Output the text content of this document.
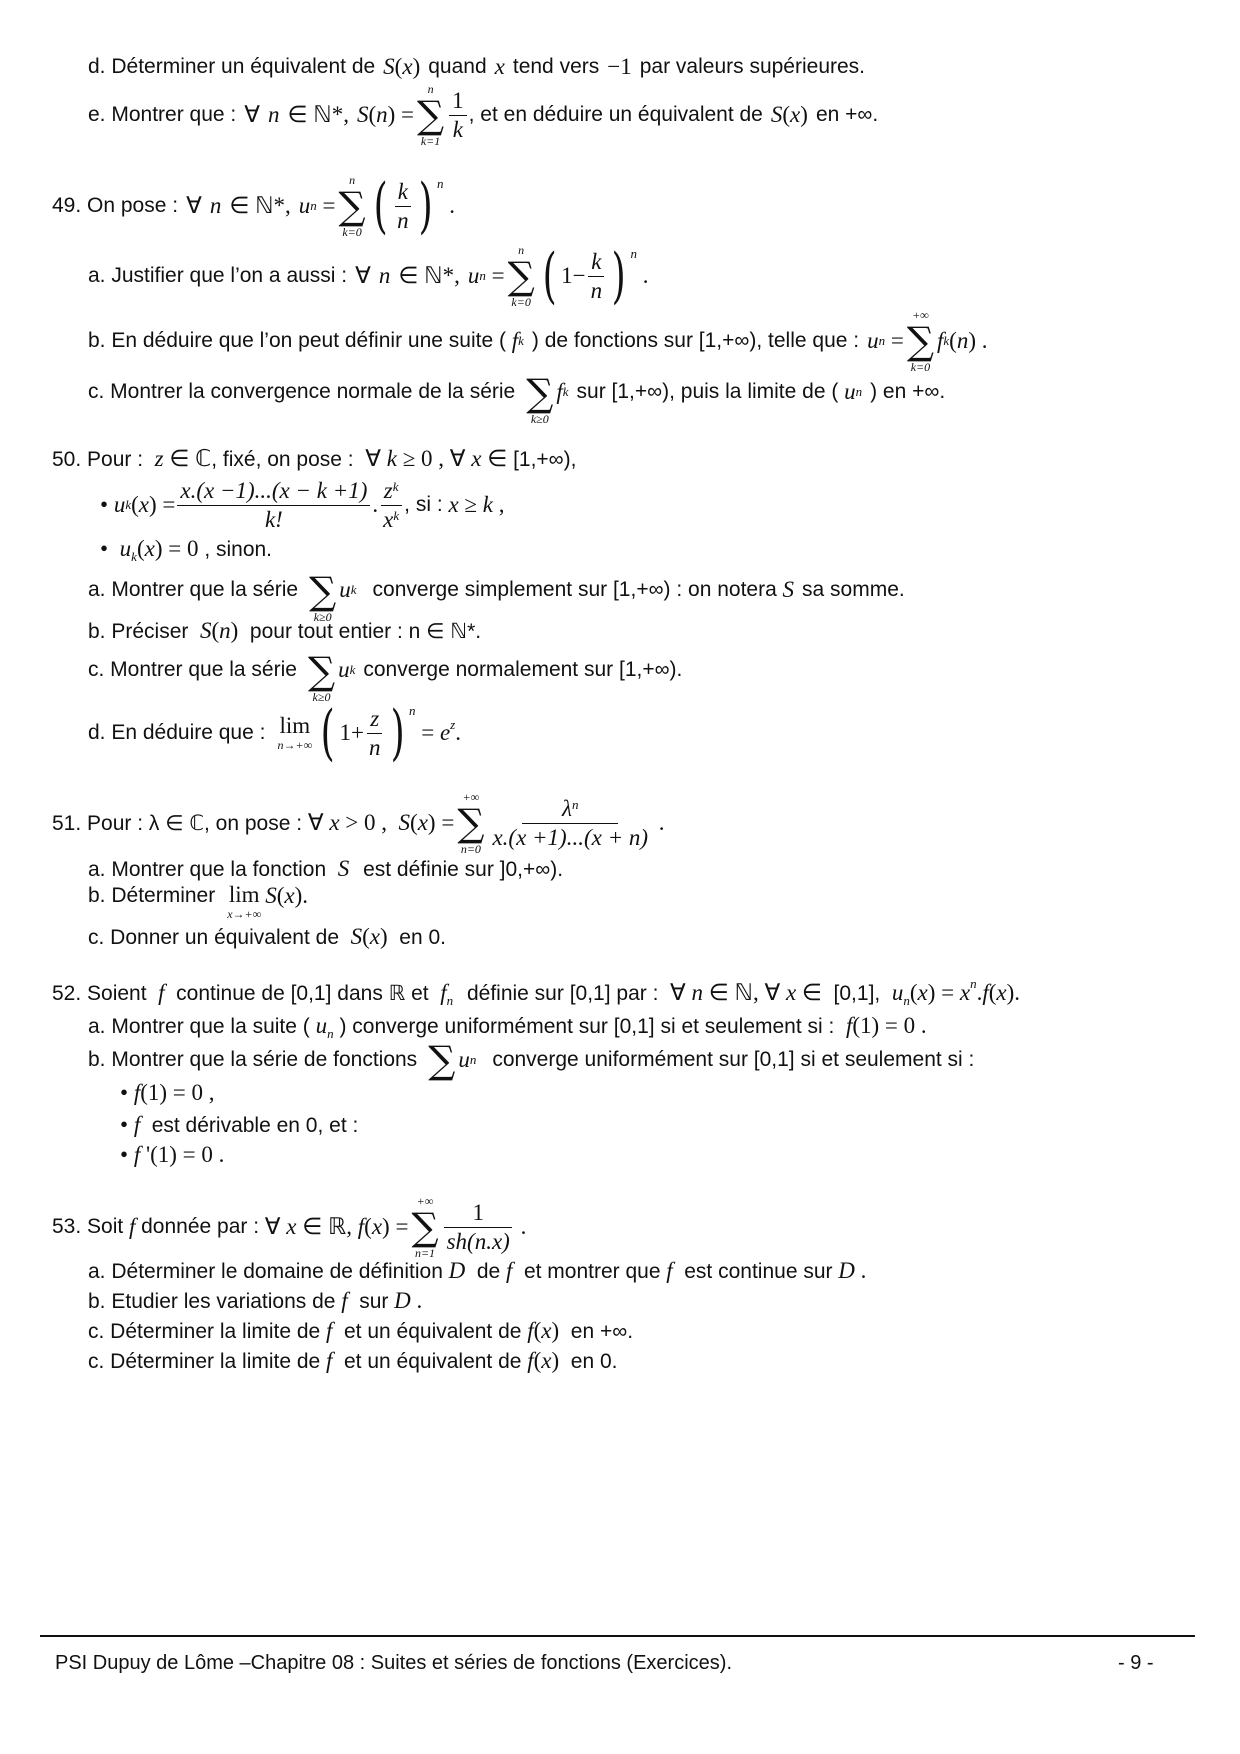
d. Déterminer un équivalent de S ( x ) quand x tend vers −1 par valeurs supérieures.
e. Montrer que : ∀ n ∈ ℕ*, S ( n ) =
n
∑
$k=1 \frac{1}{k}$ , et en déduire un équivalent de S ( x ) en +∞.
49. On pose : ∀ n ∈ ℕ*, u n =
n
∑
k=0 ( $\frac{k}{n}$ ) $^n$
.
a. Justifier que l’on a aussi : ∀ n ∈ ℕ*, u n =
n
∑
k=0 ( $1- \frac{k}{n}$ ) $^n$
.
b. En déduire que l’on peut définir une suite ( f k ) de fonctions sur [1,+∞), telle que : u n =
+∞
∑
k=0
f k ( n ) .
c. Montrer la convergence normale de la série ∑
k≥0
f k sur [1,+∞), puis la limite de ( u n ) en +∞.
50. Pour :  z ∈ ℂ, fixé, on pose :  ∀ k ≥ 0 , ∀ x ∈ [1,+∞),
• u k ( x ) = $\frac{x.(x -1)...(x - k +1)}{k!}$ . $\frac{z^k}{x^k}$ , si : x ≥ k ,
•  $u_k(x) = 0$ , sinon.
a. Montrer que la série ∑
k≥0
u k converge simplement sur [1,+∞) : on notera S sa somme.
b. Préciser  S(n)  pour tout entier : n ∈ ℕ*.
c. Montrer que la série ∑
k≥0
u k converge normalement sur [1,+∞).
d. En déduire que : lim
n→+∞ ( $1+ \frac{z}{n}$ ) $^n$
= $e^z$ .
51. Pour : λ ∈ ℂ, on pose : ∀ x > 0 , S ( x ) =
+∞
∑
$n=0 \frac{\lambda^n}{x.(x +1)...(x + n)}$ .
a. Montrer que la fonction  S est définie sur ]0,+∞).
b. Déterminer lim
x→+∞
S ( x ).
c. Donner un équivalent de  S(x)  en 0.
52. Soient  f  continue de [0,1] dans ℝ et  $f_n$ définie sur [0,1] par :  ∀ n ∈ ℕ, ∀ x ∈  [0,1],  $u_n(x) = x^n.f(x)$.
a. Montrer que la suite ( $u_n$ ) converge uniformément sur [0,1] si et seulement si :  f(1) = 0 .
b. Montrer que la série de fonctions ∑ u n converge uniformément sur [0,1] si et seulement si :
• f(1) = 0 ,
• f  est dérivable en 0, et :
• f '(1) = 0 .
53. Soit f donnée par : ∀ x ∈ ℝ, f ( x ) =
+∞
∑
$n=1 \frac{1}{sh(n.x)}$ .
a. Déterminer le domaine de définition D  de f  et montrer que f  est continue sur D .
b. Etudier les variations de f  sur D .
c. Déterminer la limite de f  et un équivalent de f(x)  en +∞.
c. Déterminer la limite de f  et un équivalent de f(x)  en 0.
PSI Dupuy de Lôme –Chapitre 08 : Suites et séries de fonctions (Exercices).	- 9 -
